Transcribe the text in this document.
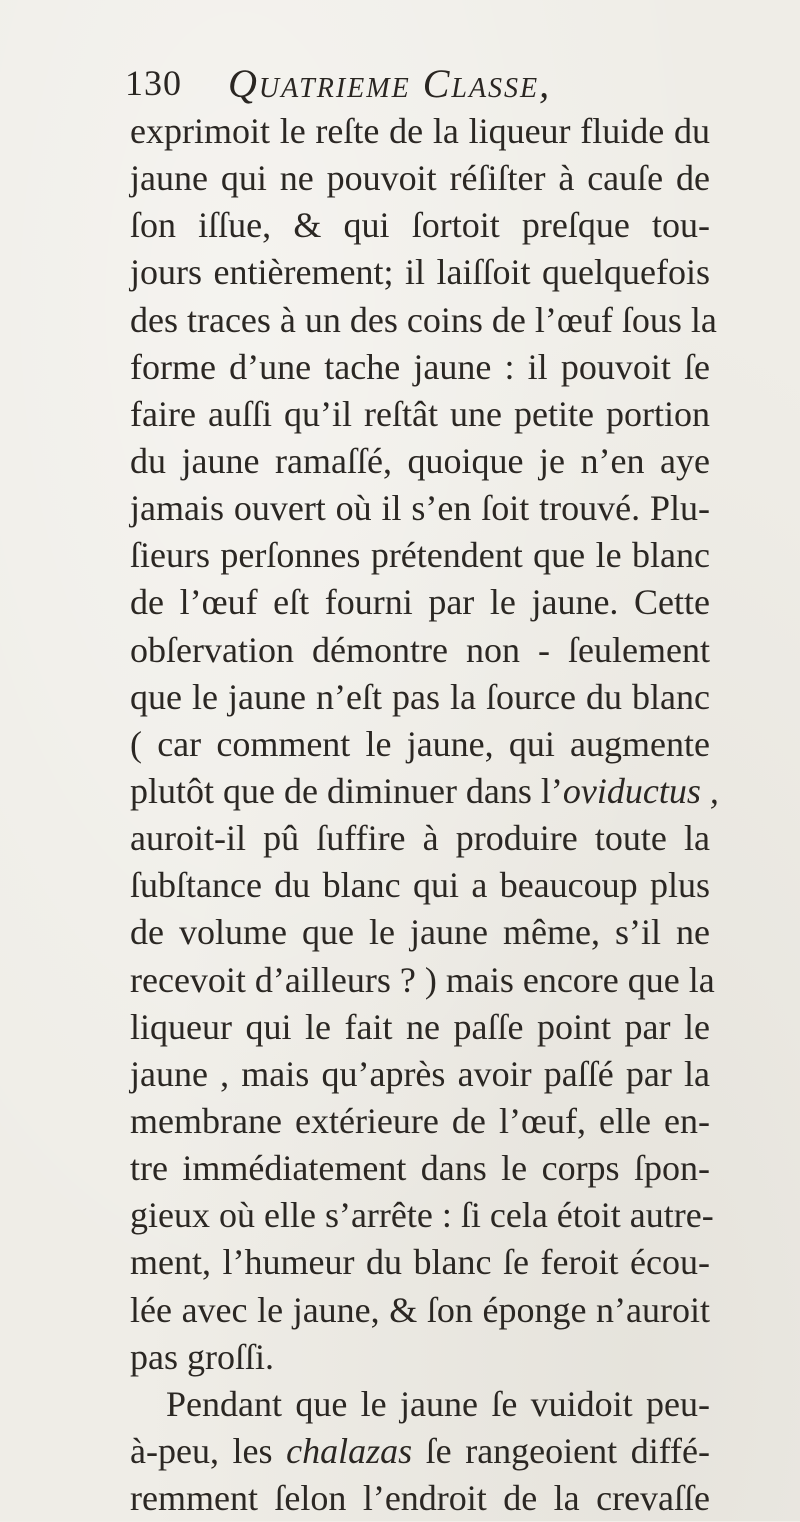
130 Quatrieme Classe,
exprimoit le reſte de la liqueur fluide du
jaune qui ne pouvoit réſiſter à cauſe de
ſon iſſue, & qui ſortoit preſque tou-
jours entièrement; il laiſſoit quelquefois
des traces à un des coins de l’œuf ſous la
forme d’une tache jaune : il pouvoit ſe
faire auſſi qu’il reſtât une petite portion
du jaune ramaſſé, quoique je n’en aye
jamais ouvert où il s’en ſoit trouvé. Plu-
ſieurs perſonnes prétendent que le blanc
de l’œuf eſt fourni par le jaune. Cette
obſervation démontre non - ſeulement
que le jaune n’eſt pas la ſource du blanc
( car comment le jaune, qui augmente
plutôt que de diminuer dans l’oviductus ,
auroit-il pû ſuffire à produire toute la
ſubſtance du blanc qui a beaucoup plus
de volume que le jaune même, s’il ne
recevoit d’ailleurs ? ) mais encore que la
liqueur qui le fait ne paſſe point par le
jaune , mais qu’après avoir paſſé par la
membrane extérieure de l’œuf, elle en-
tre immédiatement dans le corps ſpon-
gieux où elle s’arrête : ſi cela étoit autre-
ment, l’humeur du blanc ſe feroit écou-
lée avec le jaune, & ſon éponge n’auroit
pas groſſi.
Pendant que le jaune ſe vuidoit peu-
à-peu, les chalazas ſe rangeoient diffé-
remment ſelon l’endroit de la crevaſſe
